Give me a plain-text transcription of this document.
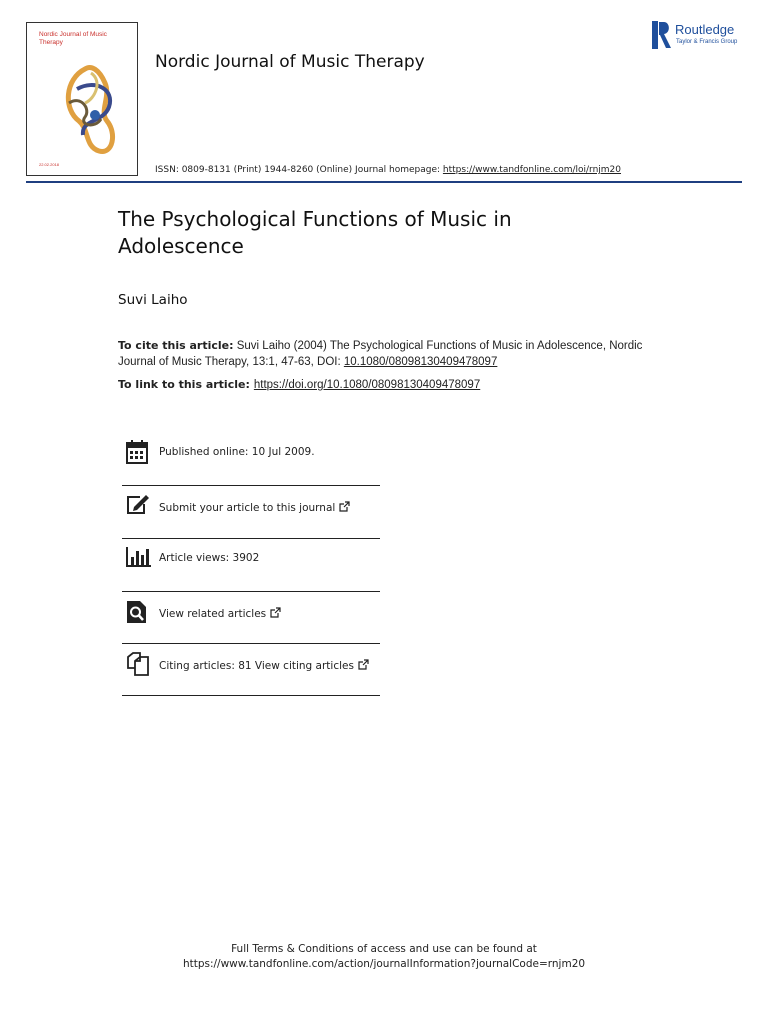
Nordic Journal of Music Therapy
22.02.2018
Nordic Journal of Music Therapy
Routledge
Taylor & Francis Group
ISSN: 0809-8131 (Print) 1944-8260 (Online) Journal homepage: https://www.tandfonline.com/loi/rnjm20
The Psychological Functions of Music in Adolescence
Suvi Laiho
To cite this article: Suvi Laiho (2004) The Psychological Functions of Music in Adolescence, Nordic Journal of Music Therapy, 13:1, 47-63, DOI: 10.1080/08098130409478097
To link to this article: https://doi.org/10.1080/08098130409478097
Published online: 10 Jul 2009.
Submit your article to this journal
Article views: 3902
View related articles
Citing articles: 81 View citing articles
Full Terms & Conditions of access and use can be found at
https://www.tandfonline.com/action/journalInformation?journalCode=rnjm20
